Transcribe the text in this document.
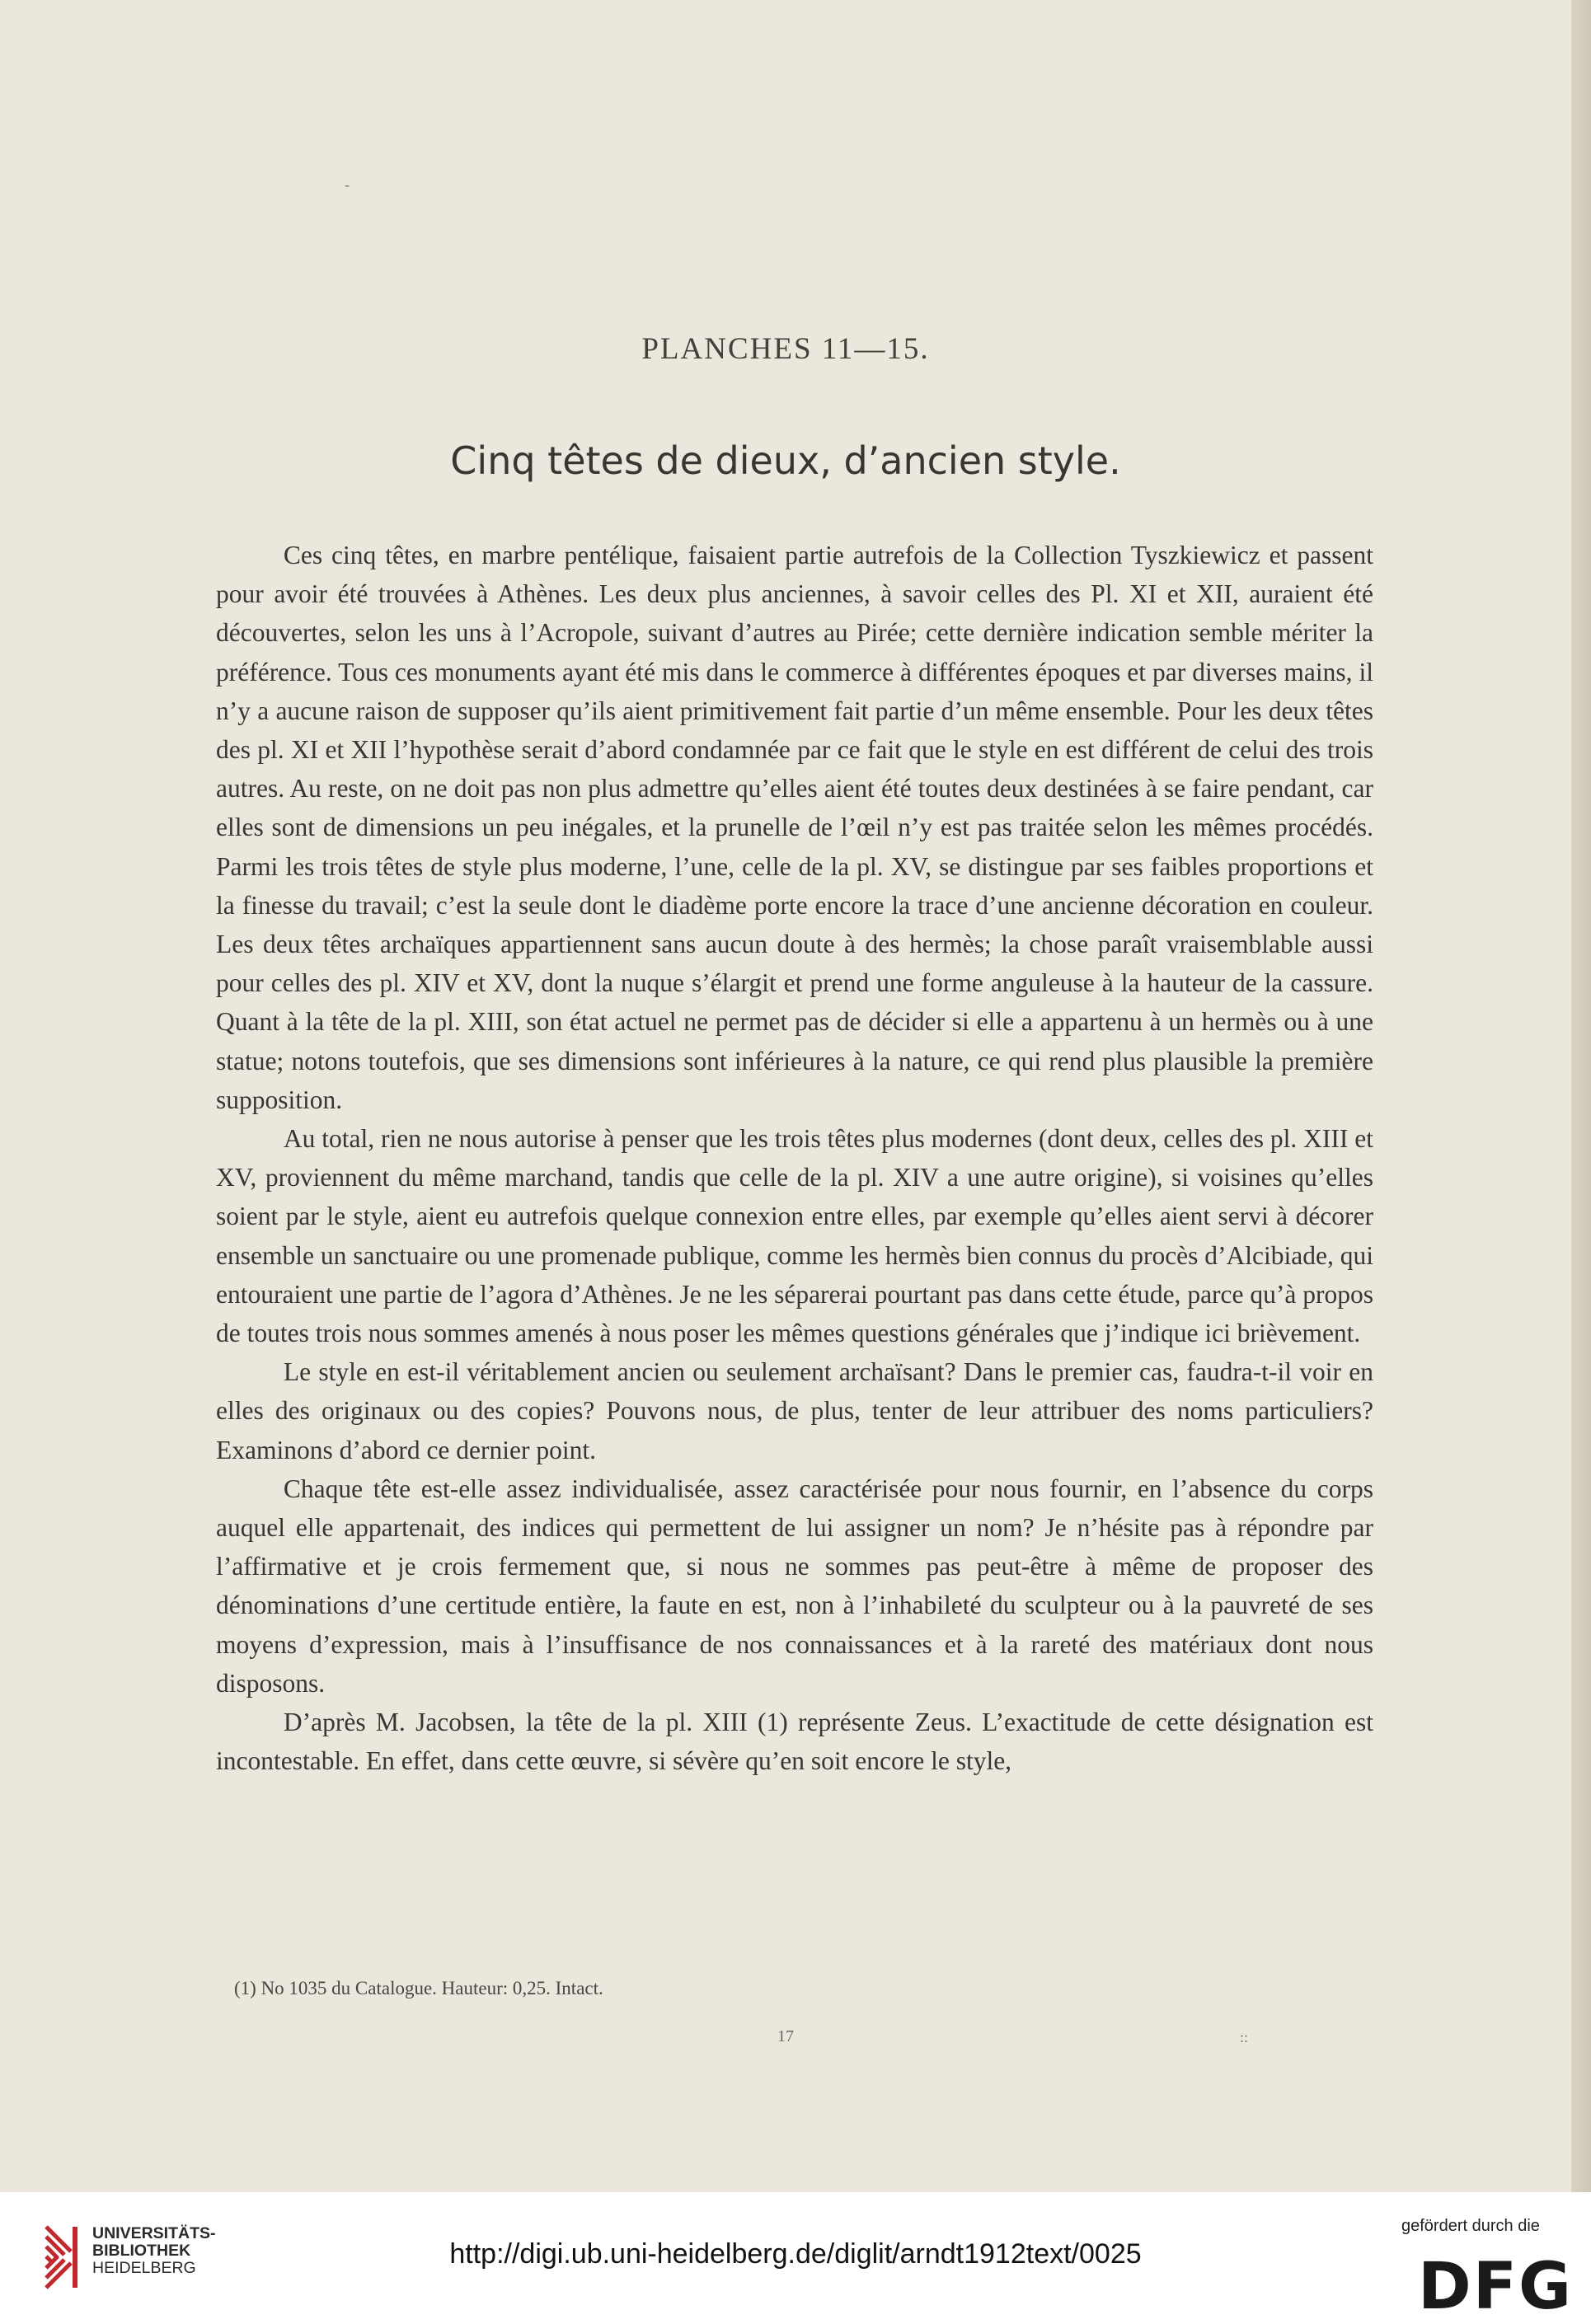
PLANCHES 11—15.
Cinq têtes de dieux, d’ancien style.

Ces cinq têtes, en marbre pentélique, faisaient partie autrefois de la Collection Tyszkiewicz et passent pour avoir été trouvées à Athènes. Les deux plus anciennes, à savoir celles des Pl. XI et XII, auraient été découvertes, selon les uns à l’Acropole, suivant d’autres au Pirée; cette dernière indication semble mériter la préférence. Tous ces monuments ayant été mis dans le commerce à différentes époques et par diverses mains, il n’y a aucune raison de supposer qu’ils aient primitivement fait partie d’un même ensemble. Pour les deux têtes des pl. XI et XII l’hypothèse serait d’abord condamnée par ce fait que le style en est différent de celui des trois autres. Au reste, on ne doit pas non plus admettre qu’elles aient été toutes deux destinées à se faire pendant, car elles sont de dimensions un peu inégales, et la prunelle de l’œil n’y est pas traitée selon les mêmes procédés. Parmi les trois têtes de style plus moderne, l’une, celle de la pl. XV, se distingue par ses faibles proportions et la finesse du travail; c’est la seule dont le diadème porte encore la trace d’une ancienne décoration en couleur. Les deux têtes archaïques appartiennent sans aucun doute à des hermès; la chose paraît vraisemblable aussi pour celles des pl. XIV et XV, dont la nuque s’élargit et prend une forme anguleuse à la hauteur de la cassure. Quant à la tête de la pl. XIII, son état actuel ne permet pas de décider si elle a appartenu à un hermès ou à une statue; notons toutefois, que ses dimensions sont inférieures à la nature, ce qui rend plus plausible la première supposition.

Au total, rien ne nous autorise à penser que les trois têtes plus modernes (dont deux, celles des pl. XIII et XV, proviennent du même marchand, tandis que celle de la pl. XIV a une autre origine), si voisines qu’elles soient par le style, aient eu autrefois quelque connexion entre elles, par exemple qu’elles aient servi à décorer ensemble un sanctuaire ou une promenade publique, comme les hermès bien connus du procès d’Alcibiade, qui entouraient une partie de l’agora d’Athènes. Je ne les séparerai pourtant pas dans cette étude, parce qu’à propos de toutes trois nous sommes amenés à nous poser les mêmes questions générales que j’indique ici brièvement.

Le style en est-il véritablement ancien ou seulement archaïsant? Dans le premier cas, faudra-t-il voir en elles des originaux ou des copies? Pouvons nous, de plus, tenter de leur attribuer des noms particuliers? Examinons d’abord ce dernier point.

Chaque tête est-elle assez individualisée, assez caractérisée pour nous fournir, en l’absence du corps auquel elle appartenait, des indices qui permettent de lui assigner un nom? Je n’hésite pas à répondre par l’affirmative et je crois fermement que, si nous ne sommes pas peut-être à même de proposer des dénominations d’une certitude entière, la faute en est, non à l’inhabileté du sculpteur ou à la pauvreté de ses moyens d’expression, mais à l’insuffisance de nos connaissances et à la rareté des matériaux dont nous disposons.

D’après M. Jacobsen, la tête de la pl. XIII (1) représente Zeus. L’exactitude de cette désignation est incontestable. En effet, dans cette œuvre, si sévère qu’en soit encore le style,

(1) No 1035 du Catalogue. Hauteur: 0,25. Intact.
17
‐
::
UNIVERSITÄTS-
BIBLIOTHEK
HEIDELBERG	http://digi.ub.uni-heidelberg.de/diglit/arndt1912text/0025
gefördert durch die
DFG
